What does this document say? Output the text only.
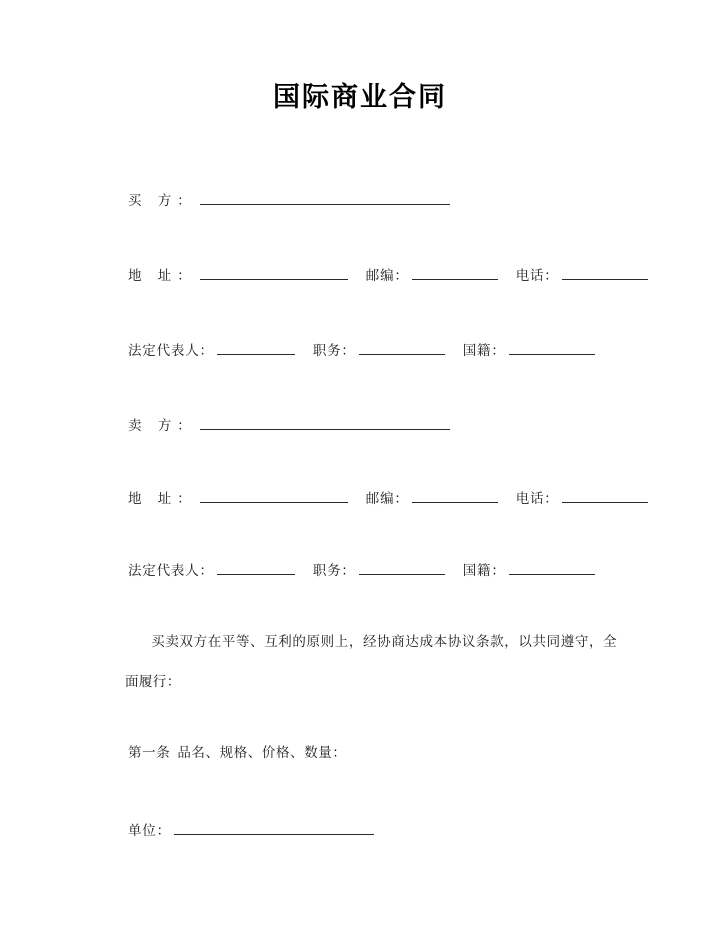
国际商业合同
买 方：
地 址：	邮编：	电话：
法定代表人：	职务：	国籍：
卖 方：
地 址：	邮编：	电话：
法定代表人：	职务：	国籍：
买卖双方在平等、互利的原则上，经协商达成本协议条款，以共同遵守，全面履行：
第一条 品名、规格、价格、数量：
单位：
